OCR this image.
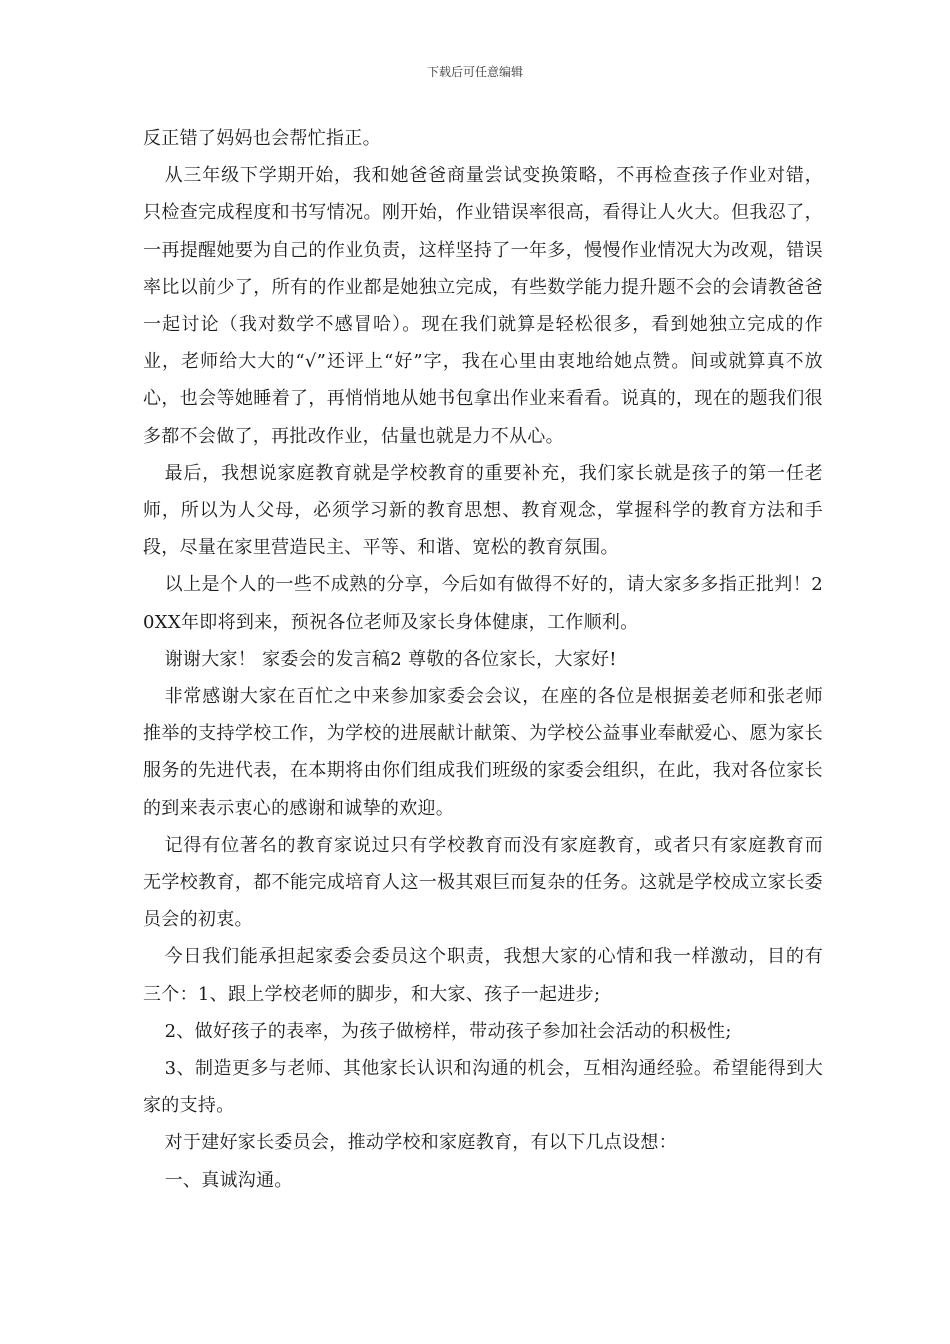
下载后可任意编辑

反正错了妈妈也会帮忙指正。

从三年级下学期开始，我和她爸爸商量尝试变换策略，不再检查孩子作业对错，只检查完成程度和书写情况。刚开始，作业错误率很高，看得让人火大。但我忍了，一再提醒她要为自己的作业负责，这样坚持了一年多，慢慢作业情况大为改观，错误率比以前少了，所有的作业都是她独立完成，有些数学能力提升题不会的会请教爸爸一起讨论（我对数学不感冒哈）。现在我们就算是轻松很多，看到她独立完成的作业，老师给大大的“√”还评上“好”字，我在心里由衷地给她点赞。间或就算真不放心，也会等她睡着了，再悄悄地从她书包拿出作业来看看。说真的，现在的题我们很多都不会做了，再批改作业，估量也就是力不从心。

最后，我想说家庭教育就是学校教育的重要补充，我们家长就是孩子的第一任老师，所以为人父母，必须学习新的教育思想、教育观念，掌握科学的教育方法和手段，尽量在家里营造民主、平等、和谐、宽松的教育氛围。

以上是个人的一些不成熟的分享，今后如有做得不好的，请大家多多指正批判！20XX年即将到来，预祝各位老师及家长身体健康，工作顺利。

谢谢大家！ 家委会的发言稿2 尊敬的各位家长，大家好!

非常感谢大家在百忙之中来参加家委会会议，在座的各位是根据姜老师和张老师推举的支持学校工作，为学校的进展献计献策、为学校公益事业奉献爱心、愿为家长服务的先进代表，在本期将由你们组成我们班级的家委会组织，在此，我对各位家长的到来表示衷心的感谢和诚挚的欢迎。

记得有位著名的教育家说过只有学校教育而没有家庭教育，或者只有家庭教育而无学校教育，都不能完成培育人这一极其艰巨而复杂的任务。这就是学校成立家长委员会的初衷。

今日我们能承担起家委会委员这个职责，我想大家的心情和我一样激动，目的有三个：1、跟上学校老师的脚步，和大家、孩子一起进步;

2、做好孩子的表率，为孩子做榜样，带动孩子参加社会活动的积极性;

3、制造更多与老师、其他家长认识和沟通的机会，互相沟通经验。希望能得到大家的支持。

对于建好家长委员会，推动学校和家庭教育，有以下几点设想：

一、真诚沟通。
